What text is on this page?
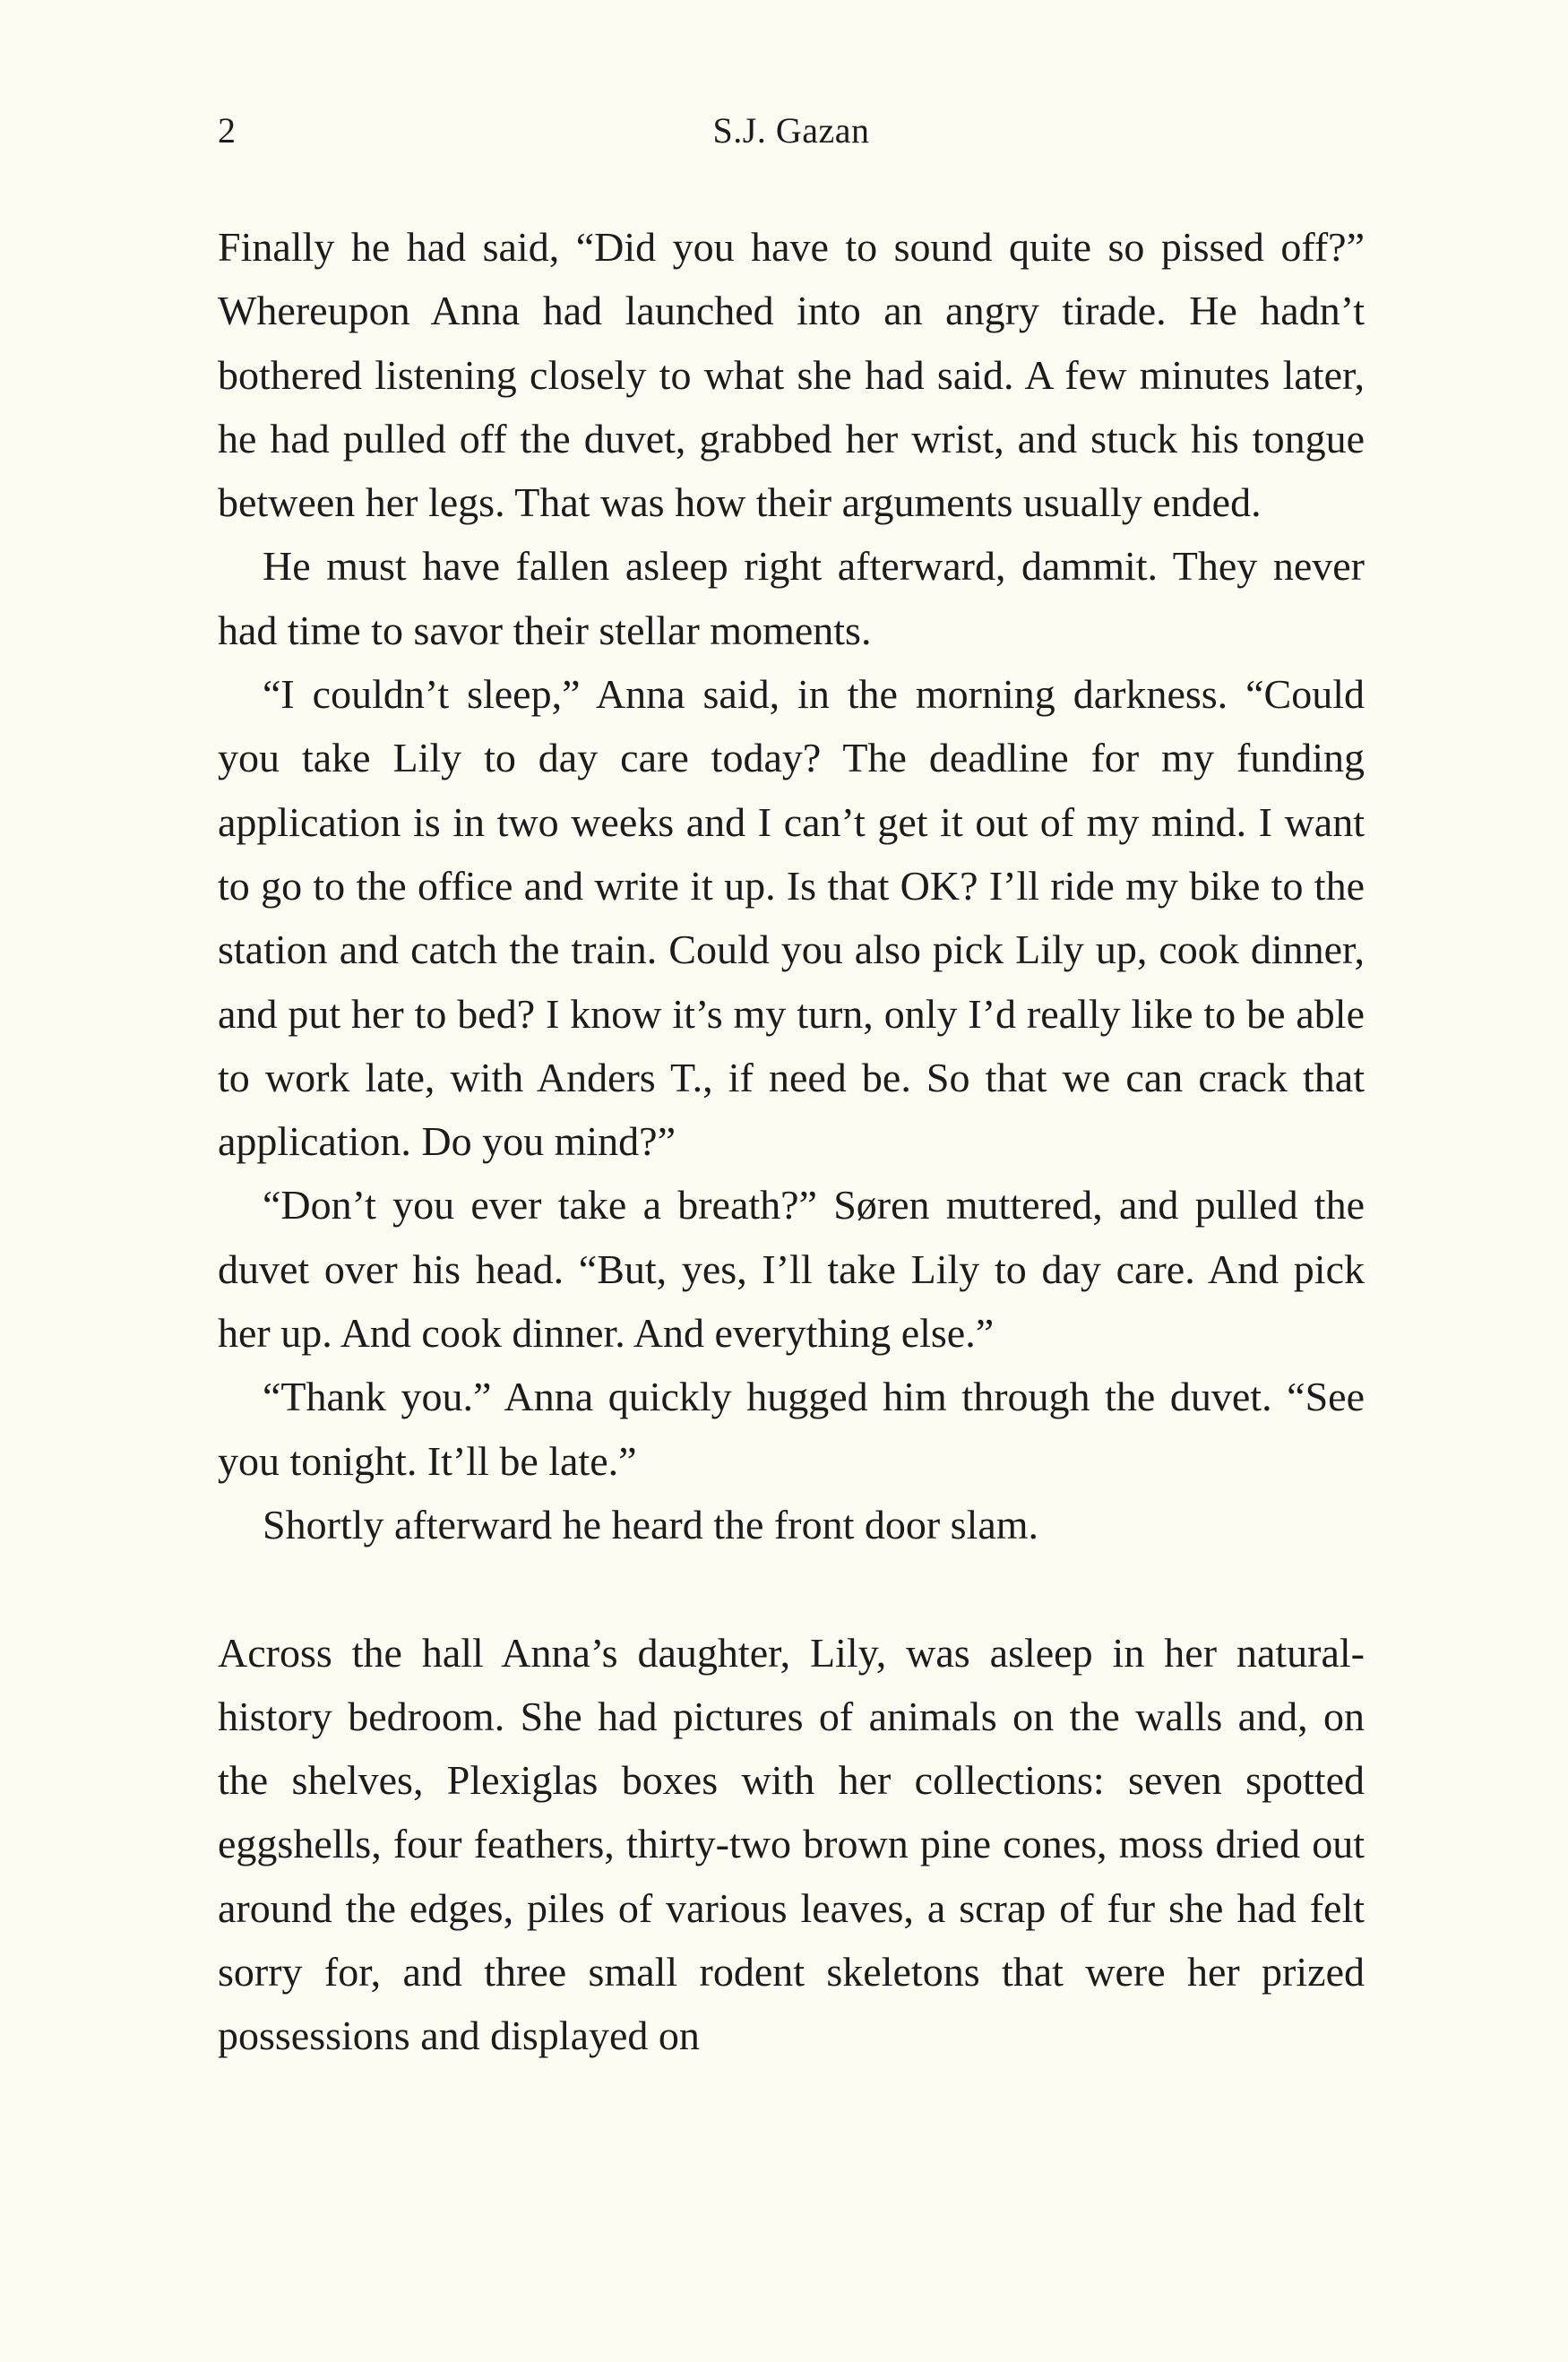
2	S.J. Gazan

Finally he had said, “Did you have to sound quite so pissed off?” Whereupon Anna had launched into an angry tirade. He hadn’t bothered listening closely to what she had said. A few minutes later, he had pulled off the duvet, grabbed her wrist, and stuck his tongue between her legs. That was how their arguments usually ended.

He must have fallen asleep right afterward, dammit. They never had time to savor their stellar moments.

“I couldn’t sleep,” Anna said, in the morning darkness. “Could you take Lily to day care today? The deadline for my funding application is in two weeks and I can’t get it out of my mind. I want to go to the office and write it up. Is that OK? I’ll ride my bike to the station and catch the train. Could you also pick Lily up, cook dinner, and put her to bed? I know it’s my turn, only I’d really like to be able to work late, with Anders T., if need be. So that we can crack that application. Do you mind?”

“Don’t you ever take a breath?” Søren muttered, and pulled the duvet over his head. “But, yes, I’ll take Lily to day care. And pick her up. And cook dinner. And everything else.”

“Thank you.” Anna quickly hugged him through the duvet. “See you tonight. It’ll be late.”

Shortly afterward he heard the front door slam.

Across the hall Anna’s daughter, Lily, was asleep in her natural-history bedroom. She had pictures of animals on the walls and, on the shelves, Plexiglas boxes with her collections: seven spotted eggshells, four feathers, thirty-two brown pine cones, moss dried out around the edges, piles of various leaves, a scrap of fur she had felt sorry for, and three small rodent skeletons that were her prized possessions and displayed on
